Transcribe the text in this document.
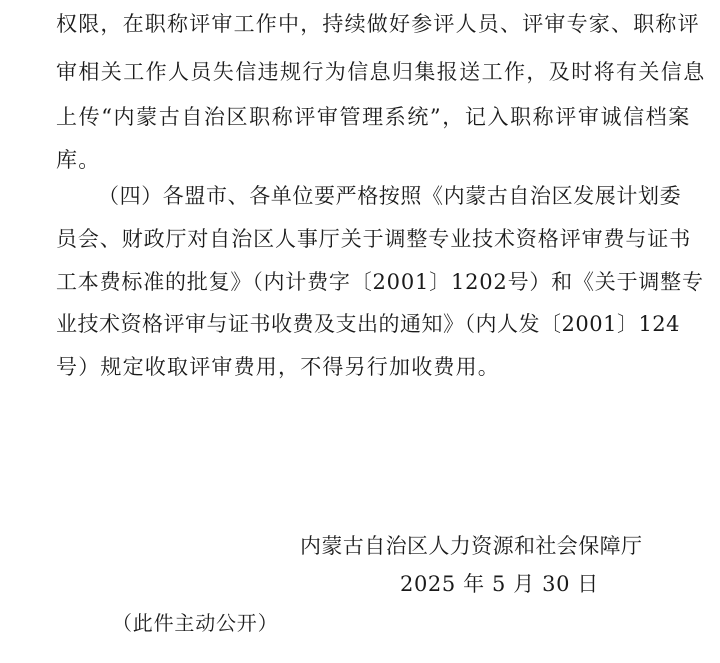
权限，在职称评审工作中，持续做好参评人员、评审专家、职称评
审相关工作人员失信违规行为信息归集报送工作，及时将有关信息
上传“内蒙古自治区职称评审管理系统”，记入职称评审诚信档案
库。
（四）各盟市、各单位要严格按照《内蒙古自治区发展计划委
员会、财政厅对自治区人事厅关于调整专业技术资格评审费与证书
工本费标准的批复》（内计费字〔2001〕1202号）和《关于调整专
业技术资格评审与证书收费及支出的通知》（内人发〔2001〕124
号）规定收取评审费用，不得另行加收费用。
内蒙古自治区人力资源和社会保障厅
2025 年 5 月 30 日
（此件主动公开）
